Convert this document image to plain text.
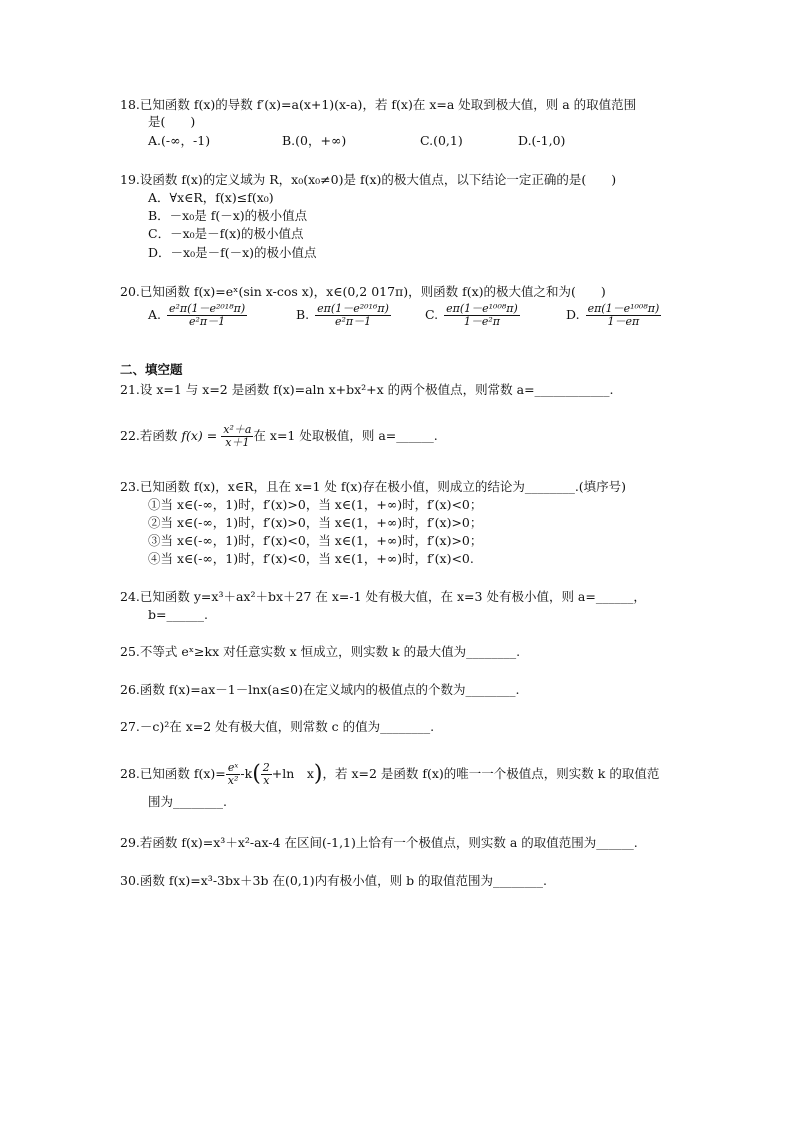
18.已知函数 f(x)的导数 f′(x)=a(x+1)(x-a)，若 f(x)在 x=a 处取到极大值，则 a 的取值范围
是(　　)
A.(-∞，-1)	B.(0，+∞)	C.(0,1)	D.(-1,0)
19.设函数 f(x)的定义域为 R，x₀(x₀≠0)是 f(x)的极大值点，以下结论一定正确的是(　　)
A．∀x∈R，f(x)≤f(x₀)
B．－x₀是 f(－x)的极小值点
C．－x₀是－f(x)的极小值点
D．－x₀是－f(－x)的极小值点
20.已知函数 f(x)=eˣ(sin x-cos x)，x∈(0,2 017π)，则函数 f(x)的极大值之和为(　　)
A. $\frac{\text{e²π(1－e²⁰¹⁸π)}}{\text{e²π－1}}$	B. $\frac{\text{eπ(1－e²⁰¹⁶π)}}{\text{e²π－1}}$	C. $\frac{\text{eπ(1－e¹⁰⁰⁸π)}}{\text{1－e²π}}$	D. $\frac{\text{eπ(1－e¹⁰⁰⁸π)}}{1-e\pi}$
二、填空题
21.设 x=1 与 x=2 是函数 f(x)=aln x+bx²+x 的两个极值点，则常数 a=____________.
22.若函数 $f(x) = \frac{\text{x²＋a}}{x+1}$ 在 x=1 处取极值，则 a=______.
23.已知函数 f(x)，x∈R，且在 x=1 处 f(x)存在极小值，则成立的结论为________.(填序号)
①当 x∈(-∞，1)时，f′(x)>0，当 x∈(1，+∞)时，f′(x)<0；
②当 x∈(-∞，1)时，f′(x)>0，当 x∈(1，+∞)时，f′(x)>0；
③当 x∈(-∞，1)时，f′(x)<0，当 x∈(1，+∞)时，f′(x)>0；
④当 x∈(-∞，1)时，f′(x)<0，当 x∈(1，+∞)时，f′(x)<0.
24.已知函数 y=x³＋ax²＋bx＋27 在 x=-1 处有极大值，在 x=3 处有极小值，则 a=______，
b=______.
25.不等式 eˣ≥kx 对任意实数 x 恒成立，则实数 k 的最大值为________.
26.函数 f(x)=ax－1－lnx(a≤0)在定义域内的极值点的个数为________.
27.－c)²在 x=2 处有极大值，则常数 c 的值为________.
28.已知函数 $f(x)= \frac{\text{eˣ}}{\text{x²}} -k( \frac{2}{x} +\ln$　x)，若 x=2 是函数 f(x)的唯一一个极值点，则实数 k 的取值范
围为________.
29.若函数 f(x)=x³＋x²-ax-4 在区间(-1,1)上恰有一个极值点，则实数 a 的取值范围为______.
30.函数 f(x)=x³-3bx＋3b 在(0,1)内有极小值，则 b 的取值范围为________.
